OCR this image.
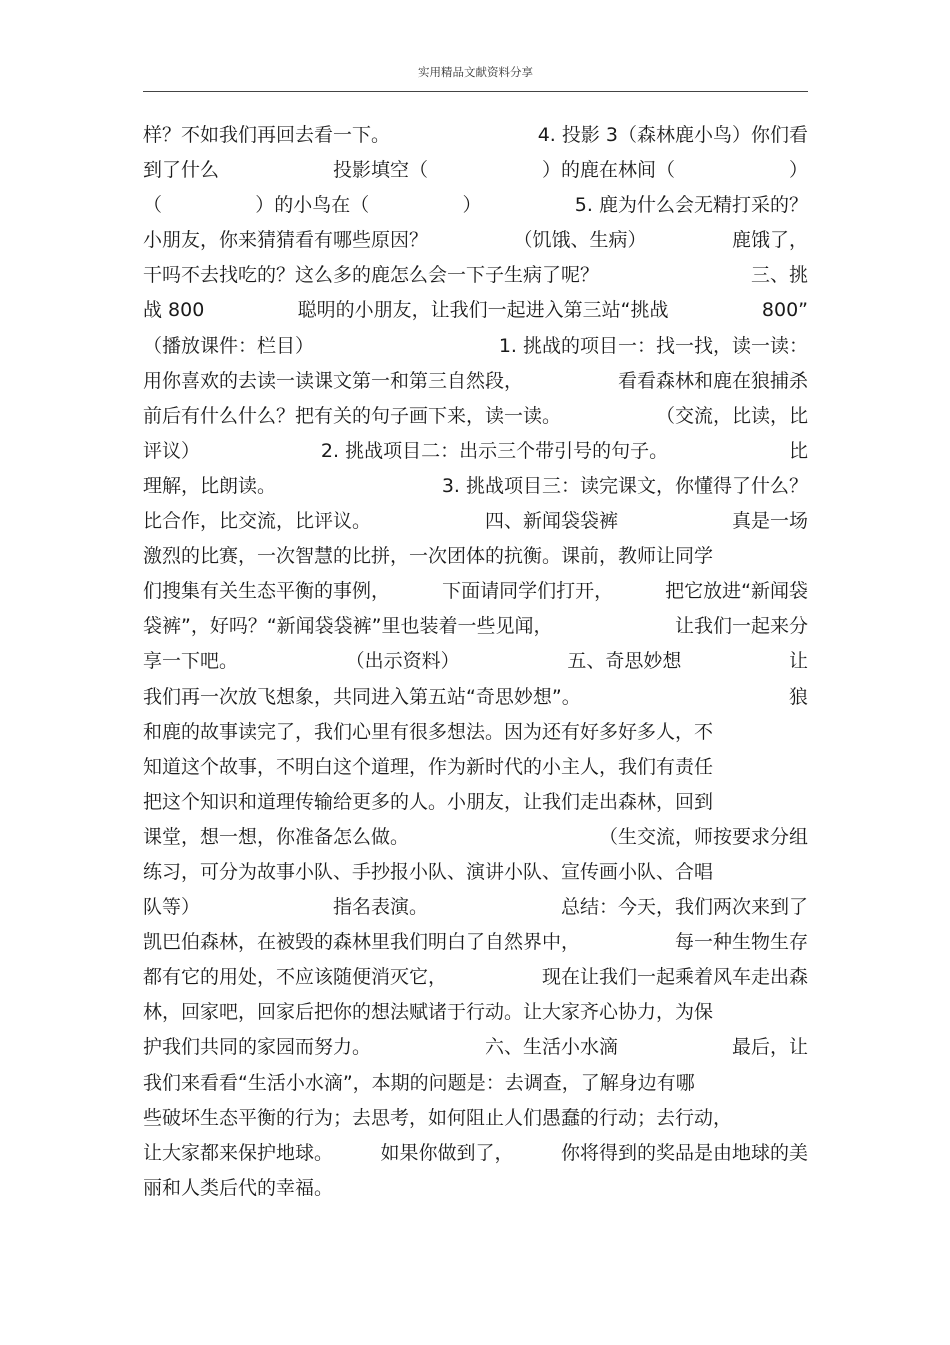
实用精品文献资料分享
样？不如我们再回去看一下。	4. 投影 3（森林鹿小鸟）你们看
到了什么	投影填空（	）的鹿在林间（	）
（	）的小鸟在（	）	5. 鹿为什么会无精打采的？
小朋友，你来猜猜看有哪些原因？	（饥饿、生病）	鹿饿了，
干吗不去找吃的？这么多的鹿怎么会一下子生病了呢？	三、挑
战 800	聪明的小朋友，让我们一起进入第三站“挑战	800”
（播放课件：栏目）	1. 挑战的项目一：找一找，读一读：
用你喜欢的去读一读课文第一和第三自然段，	看看森林和鹿在狼捕杀
前后有什么什么？把有关的句子画下来，读一读。	（交流，比读，比
评议）	2. 挑战项目二：出示三个带引号的句子。	比
理解，比朗读。	3. 挑战项目三：读完课文，你懂得了什么？
比合作，比交流，比评议。	四、新闻袋袋裤	真是一场
激烈的比赛，一次智慧的比拼，一次团体的抗衡。课前，教师让同学
们搜集有关生态平衡的事例，	下面请同学们打开，	把它放进“新闻袋
袋裤”，好吗？“新闻袋袋裤”里也装着一些见闻，	让我们一起来分
享一下吧。	（出示资料）	五、奇思妙想	让
我们再一次放飞想象，共同进入第五站“奇思妙想”。	狼
和鹿的故事读完了，我们心里有很多想法。因为还有好多好多人，不
知道这个故事，不明白这个道理，作为新时代的小主人，我们有责任
把这个知识和道理传输给更多的人。小朋友，让我们走出森林，回到
课堂，想一想，你准备怎么做。	（生交流，师按要求分组
练习，可分为故事小队、手抄报小队、演讲小队、宣传画小队、合唱
队等）	指名表演。	总结：今天，我们两次来到了
凯巴伯森林，在被毁的森林里我们明白了自然界中，	每一种生物生存
都有它的用处，不应该随便消灭它，	现在让我们一起乘着风车走出森
林，回家吧，回家后把你的想法赋诸于行动。让大家齐心协力，为保
护我们共同的家园而努力。	六、生活小水滴	最后，让
我们来看看“生活小水滴”，本期的问题是：去调查，了解身边有哪
些破坏生态平衡的行为；去思考，如何阻止人们愚蠢的行动；去行动，
让大家都来保护地球。 如果你做到了， 你将得到的奖品是由地球的美
丽和人类后代的幸福。
